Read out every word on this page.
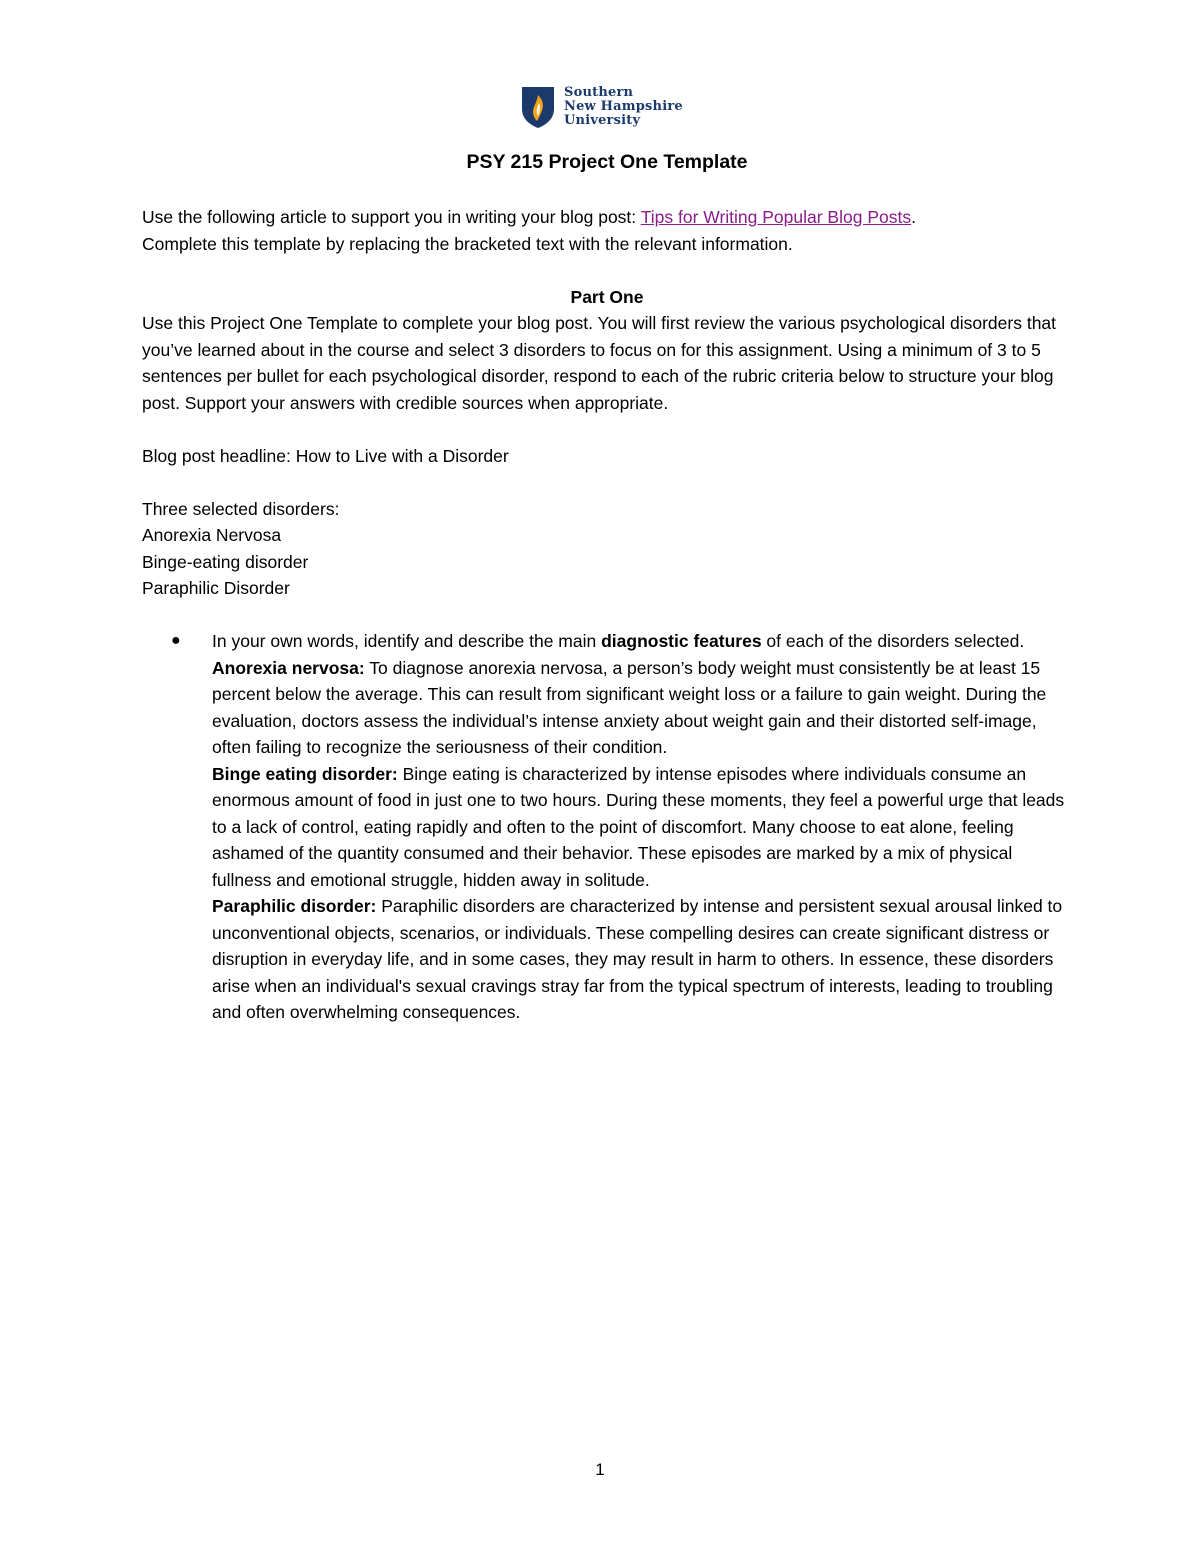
Southern
New Hampshire
University
PSY 215 Project One Template

Use the following article to support you in writing your blog post: Tips for Writing Popular Blog Posts.

Complete this template by replacing the bracketed text with the relevant information.

Part One

Use this Project One Template to complete your blog post. You will first review the various psychological disorders that you’ve learned about in the course and select 3 disorders to focus on for this assignment. Using a minimum of 3 to 5 sentences per bullet for each psychological disorder, respond to each of the rubric criteria below to structure your blog post. Support your answers with credible sources when appropriate.

Blog post headline: How to Live with a Disorder

Three selected disorders:

Anorexia Nervosa

Binge-eating disorder

Paraphilic Disorder

● In your own words, identify and describe the main diagnostic features of each of the disorders selected.

Anorexia nervosa: To diagnose anorexia nervosa, a person’s body weight must consistently be at least 15 percent below the average. This can result from significant weight loss or a failure to gain weight. During the evaluation, doctors assess the individual’s intense anxiety about weight gain and their distorted self-image, often failing to recognize the seriousness of their condition.

Binge eating disorder: Binge eating is characterized by intense episodes where individuals consume an enormous amount of food in just one to two hours. During these moments, they feel a powerful urge that leads to a lack of control, eating rapidly and often to the point of discomfort. Many choose to eat alone, feeling ashamed of the quantity consumed and their behavior. These episodes are marked by a mix of physical fullness and emotional struggle, hidden away in solitude.

Paraphilic disorder: Paraphilic disorders are characterized by intense and persistent sexual arousal linked to unconventional objects, scenarios, or individuals. These compelling desires can create significant distress or disruption in everyday life, and in some cases, they may result in harm to others. In essence, these disorders arise when an individual's sexual cravings stray far from the typical spectrum of interests, leading to troubling and often overwhelming consequences.

1
